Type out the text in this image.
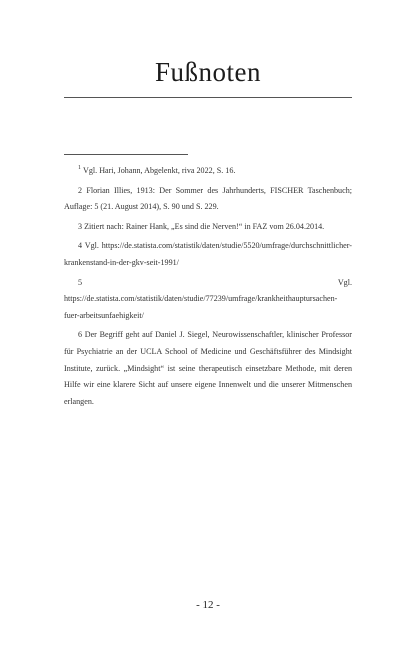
Fußnoten

$^1$ Vgl. Hari, Johann, Abgelenkt, riva 2022, S. 16.

2 Florian Illies, 1913: Der Sommer des Jahrhunderts, FISCHER Taschenbuch; Auflage: 5 (21. August 2014), S. 90 und S. 229.

3 Zitiert nach: Rainer Hank, „Es sind die Nerven!“ in FAZ vom 26.04.2014.

4 Vgl. https://de.statista.com/statistik/daten/studie/5520/umfrage/durchschnittlicher-krankenstand-in-der-gkv-seit-1991/

5	Vgl. https://de.statista.com/statistik/daten/studie/77239/umfrage/krankheithauptursachen-fuer-arbeitsunfaehigkeit/

6 Der Begriff geht auf Daniel J. Siegel, Neurowissenschaftler, klinischer Professor für Psychiatrie an der UCLA School of Medicine und Geschäftsführer des Mindsight Institute, zurück. „Mindsight“ ist seine therapeutisch einsetzbare Methode, mit deren Hilfe wir eine klarere Sicht auf unsere eigene Innenwelt und die unserer Mitmenschen erlangen.

- 12 -
